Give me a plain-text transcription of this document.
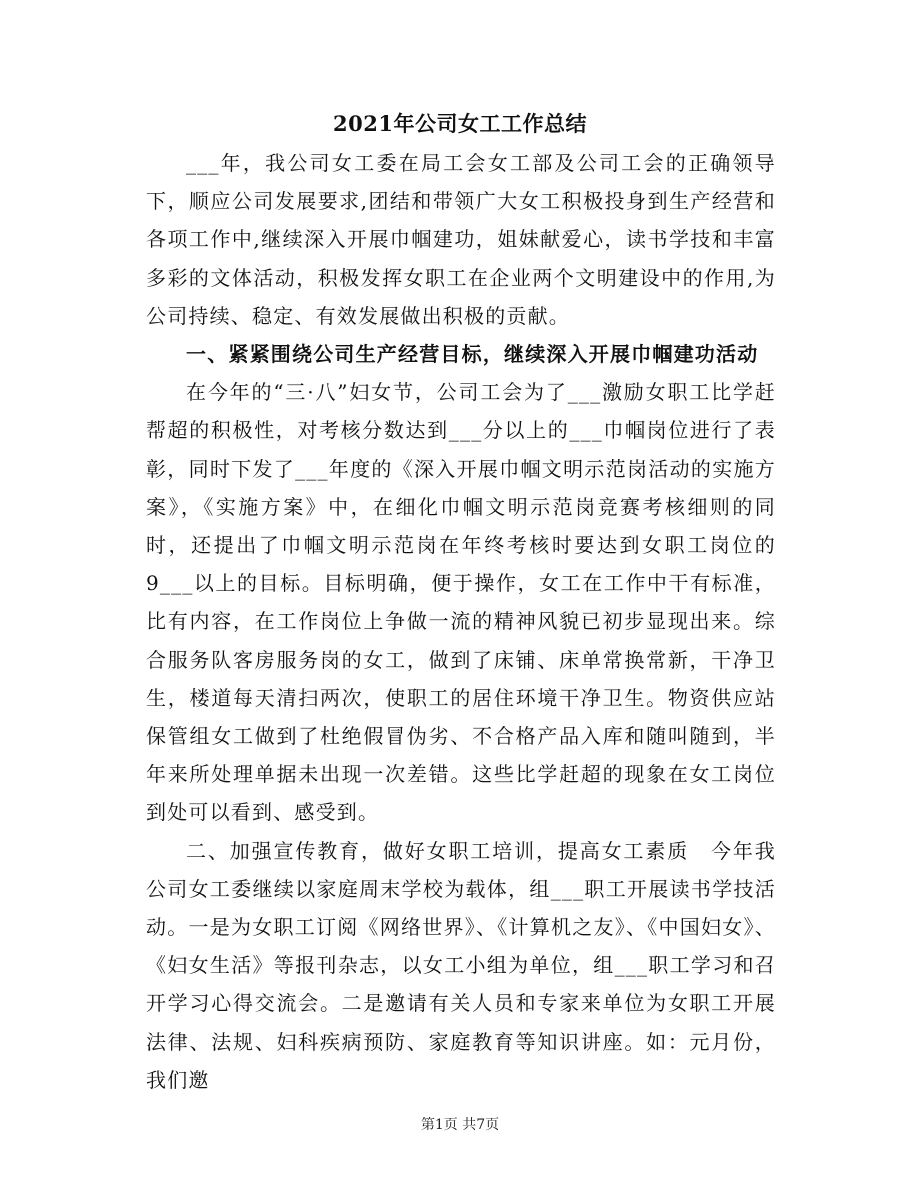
2021年公司女工工作总结

___年，我公司女工委在局工会女工部及公司工会的正确领导下，顺应公司发展要求,团结和带领广大女工积极投身到生产经营和各项工作中,继续深入开展巾帼建功，姐妹献爱心，读书学技和丰富多彩的文体活动，积极发挥女职工在企业两个文明建设中的作用,为公司持续、稳定、有效发展做出积极的贡献。

一、紧紧围绕公司生产经营目标，继续深入开展巾帼建功活动

在今年的“三·八”妇女节，公司工会为了___激励女职工比学赶帮超的积极性，对考核分数达到___分以上的___巾帼岗位进行了表彰，同时下发了___年度的《深入开展巾帼文明示范岗活动的实施方案》，《实施方案》中，在细化巾帼文明示范岗竞赛考核细则的同时，还提出了巾帼文明示范岗在年终考核时要达到女职工岗位的9___以上的目标。目标明确，便于操作，女工在工作中干有标准，比有内容，在工作岗位上争做一流的精神风貌已初步显现出来。综合服务队客房服务岗的女工，做到了床铺、床单常换常新，干净卫生，楼道每天清扫两次，使职工的居住环境干净卫生。物资供应站保管组女工做到了杜绝假冒伪劣、不合格产品入库和随叫随到，半年来所处理单据未出现一次差错。这些比学赶超的现象在女工岗位到处可以看到、感受到。

二、加强宣传教育，做好女职工培训，提高女工素质　今年我公司女工委继续以家庭周末学校为载体，组___职工开展读书学技活动。一是为女职工订阅《网络世界》、《计算机之友》、《中国妇女》、《妇女生活》等报刊杂志，以女工小组为单位，组___职工学习和召开学习心得交流会。二是邀请有关人员和专家来单位为女职工开展法律、法规、妇科疾病预防、家庭教育等知识讲座。如：元月份，我们邀

第1页 共7页
